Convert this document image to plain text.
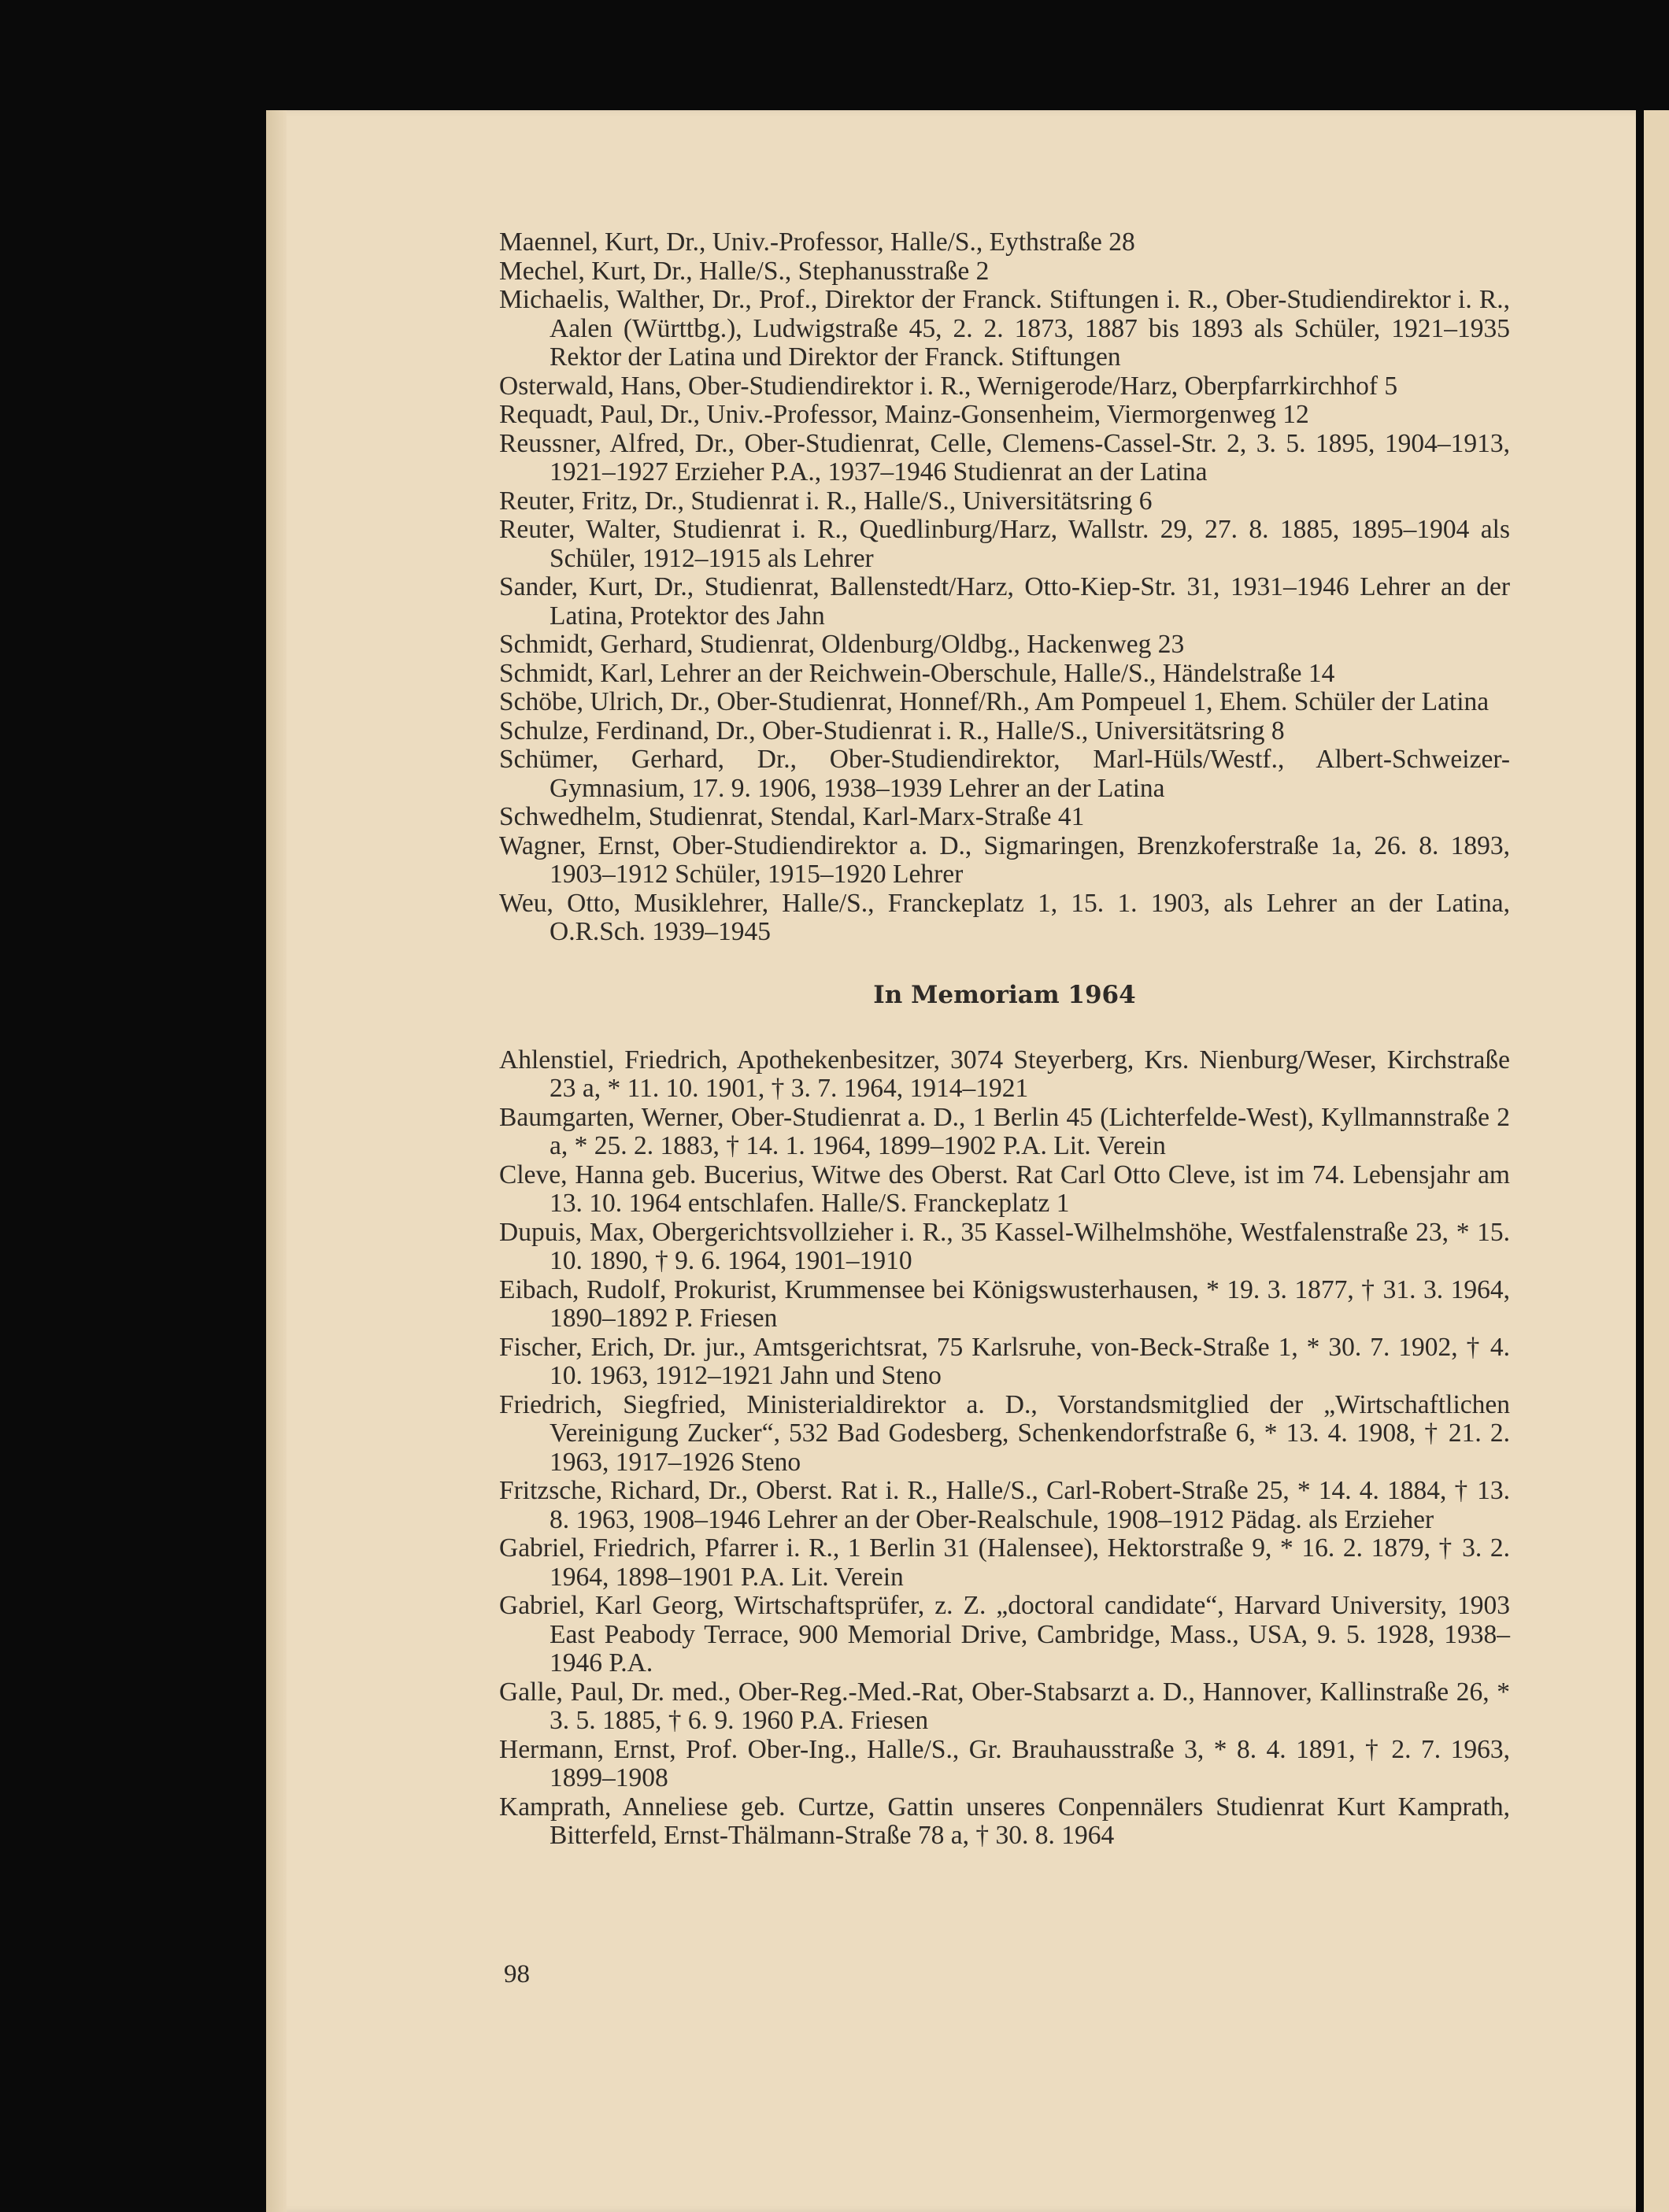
Maennel, Kurt, Dr., Univ.-Professor, Halle/S., Eythstraße 28

Mechel, Kurt, Dr., Halle/S., Stephanusstraße 2

Michaelis, Walther, Dr., Prof., Direktor der Franck. Stiftungen i. R., Ober-Studiendirektor i. R., Aalen (Württbg.), Ludwigstraße 45, 2. 2. 1873, 1887 bis 1893 als Schüler, 1921–1935 Rektor der Latina und Direktor der Franck. Stiftungen

Osterwald, Hans, Ober-Studiendirektor i. R., Wernigerode/Harz, Oberpfarrkirchhof 5

Requadt, Paul, Dr., Univ.-Professor, Mainz-Gonsenheim, Viermorgenweg 12

Reussner, Alfred, Dr., Ober-Studienrat, Celle, Clemens-Cassel-Str. 2, 3. 5. 1895, 1904–1913, 1921–1927 Erzieher P.A., 1937–1946 Studienrat an der Latina

Reuter, Fritz, Dr., Studienrat i. R., Halle/S., Universitätsring 6

Reuter, Walter, Studienrat i. R., Quedlinburg/Harz, Wallstr. 29, 27. 8. 1885, 1895–1904 als Schüler, 1912–1915 als Lehrer

Sander, Kurt, Dr., Studienrat, Ballenstedt/Harz, Otto-Kiep-Str. 31, 1931–1946 Lehrer an der Latina, Protektor des Jahn

Schmidt, Gerhard, Studienrat, Oldenburg/Oldbg., Hackenweg 23

Schmidt, Karl, Lehrer an der Reichwein-Oberschule, Halle/S., Händelstraße 14

Schöbe, Ulrich, Dr., Ober-Studienrat, Honnef/Rh., Am Pompeuel 1, Ehem. Schüler der Latina

Schulze, Ferdinand, Dr., Ober-Studienrat i. R., Halle/S., Universitätsring 8

Schümer, Gerhard, Dr., Ober-Studiendirektor, Marl-Hüls/Westf., Albert-Schweizer-Gymnasium, 17. 9. 1906, 1938–1939 Lehrer an der Latina

Schwedhelm, Studienrat, Stendal, Karl-Marx-Straße 41

Wagner, Ernst, Ober-Studiendirektor a. D., Sigmaringen, Brenzkoferstraße 1a, 26. 8. 1893, 1903–1912 Schüler, 1915–1920 Lehrer

Weu, Otto, Musiklehrer, Halle/S., Franckeplatz 1, 15. 1. 1903, als Lehrer an der Latina, O.R.Sch. 1939–1945

In Memoriam 1964

Ahlenstiel, Friedrich, Apothekenbesitzer, 3074 Steyerberg, Krs. Nienburg/Weser, Kirchstraße 23 a, * 11. 10. 1901, † 3. 7. 1964, 1914–1921

Baumgarten, Werner, Ober-Studienrat a. D., 1 Berlin 45 (Lichterfelde-West), Kyllmannstraße 2 a, * 25. 2. 1883, † 14. 1. 1964, 1899–1902 P.A. Lit. Verein

Cleve, Hanna geb. Bucerius, Witwe des Oberst. Rat Carl Otto Cleve, ist im 74. Lebensjahr am 13. 10. 1964 entschlafen. Halle/S. Franckeplatz 1

Dupuis, Max, Obergerichtsvollzieher i. R., 35 Kassel-Wilhelmshöhe, Westfalenstraße 23, * 15. 10. 1890, † 9. 6. 1964, 1901–1910

Eibach, Rudolf, Prokurist, Krummensee bei Königswusterhausen, * 19. 3. 1877, † 31. 3. 1964, 1890–1892 P. Friesen

Fischer, Erich, Dr. jur., Amtsgerichtsrat, 75 Karlsruhe, von-Beck-Straße 1, * 30. 7. 1902, † 4. 10. 1963, 1912–1921 Jahn und Steno

Friedrich, Siegfried, Ministerialdirektor a. D., Vorstandsmitglied der „Wirtschaftlichen Vereinigung Zucker“, 532 Bad Godesberg, Schenkendorfstraße 6, * 13. 4. 1908, † 21. 2. 1963, 1917–1926 Steno

Fritzsche, Richard, Dr., Oberst. Rat i. R., Halle/S., Carl-Robert-Straße 25, * 14. 4. 1884, † 13. 8. 1963, 1908–1946 Lehrer an der Ober-Realschule, 1908–1912 Pädag. als Erzieher

Gabriel, Friedrich, Pfarrer i. R., 1 Berlin 31 (Halensee), Hektorstraße 9, * 16. 2. 1879, † 3. 2. 1964, 1898–1901 P.A. Lit. Verein

Gabriel, Karl Georg, Wirtschaftsprüfer, z. Z. „doctoral candidate“, Harvard University, 1903 East Peabody Terrace, 900 Memorial Drive, Cambridge, Mass., USA, 9. 5. 1928, 1938–1946 P.A.

Galle, Paul, Dr. med., Ober-Reg.-Med.-Rat, Ober-Stabsarzt a. D., Hannover, Kallinstraße 26, * 3. 5. 1885, † 6. 9. 1960 P.A. Friesen

Hermann, Ernst, Prof. Ober-Ing., Halle/S., Gr. Brauhausstraße 3, * 8. 4. 1891, † 2. 7. 1963, 1899–1908

Kamprath, Anneliese geb. Curtze, Gattin unseres Conpennälers Studienrat Kurt Kamprath, Bitterfeld, Ernst-Thälmann-Straße 78 a, † 30. 8. 1964

98
